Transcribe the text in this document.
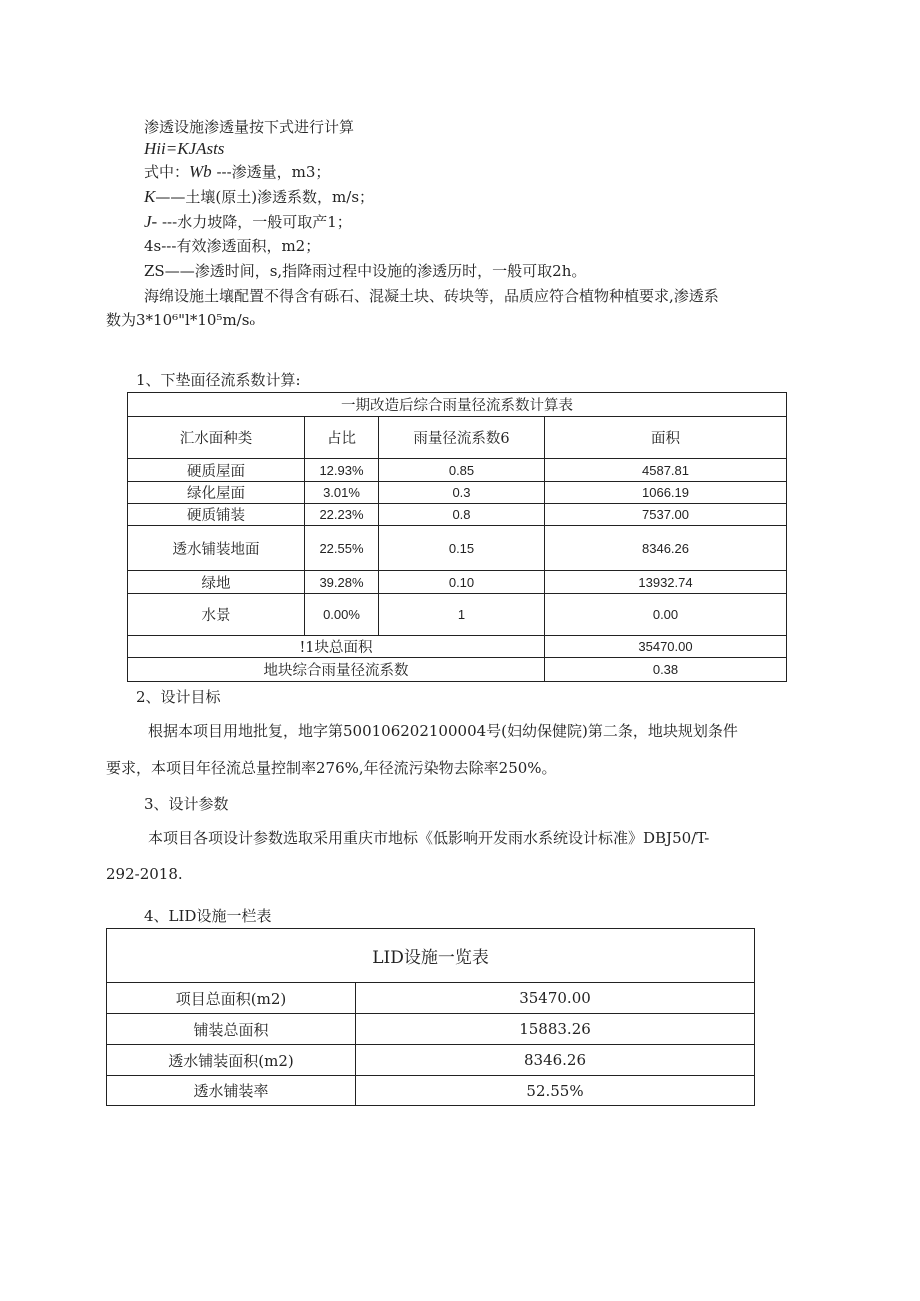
渗透设施渗透量按下式进行计算
Hii=KJAsts
式中：Wb ---渗透量，m3；
K——土壤(原土)渗透系数，m/s；
J- ---水力坡降，一般可取产1；
4s---有效渗透面积，m2；
ZS——渗透时间，s,指降雨过程中设施的渗透历时，一般可取2h。
海绵设施土壤配置不得含有砾石、混凝土块、砖块等，品质应符合植物种植要求,渗透系
数为3*10⁶"l*10⁵m/sₒ
1、下垫面径流系数计算:
一期改造后综合雨量径流系数计算表			
汇水面种类	占比	雨量径流系数6	面积
硬质屋面	12.93%	0.85	4587.81
绿化屋面	3.01%	0.3	1066.19
硬质铺装	22.23%	0.8	7537.00
透水铺装地面	22.55%	0.15	8346.26
绿地	39.28%	0.10	13932.74
水景	0.00%	1	0.00
!1块总面积			35470.00
地块综合雨量径流系数			0.38
2、设计目标
根据本项目用地批复，地字第500106202100004号(妇幼保健院)第二条，地块规划条件
要求，本项目年径流总量控制率276%,年径流污染物去除率250%。
3、设计参数
本项目各项设计参数选取采用重庆市地标《低影响开发雨水系统设计标准》DBJ50/T-
292-2018.
4、LID设施一栏表
LID设施一览表	
项目总面积(m2)	35470.00
铺装总面积	15883.26
透水铺装面积(m2)	8346.26
透水铺装率	52.55%
